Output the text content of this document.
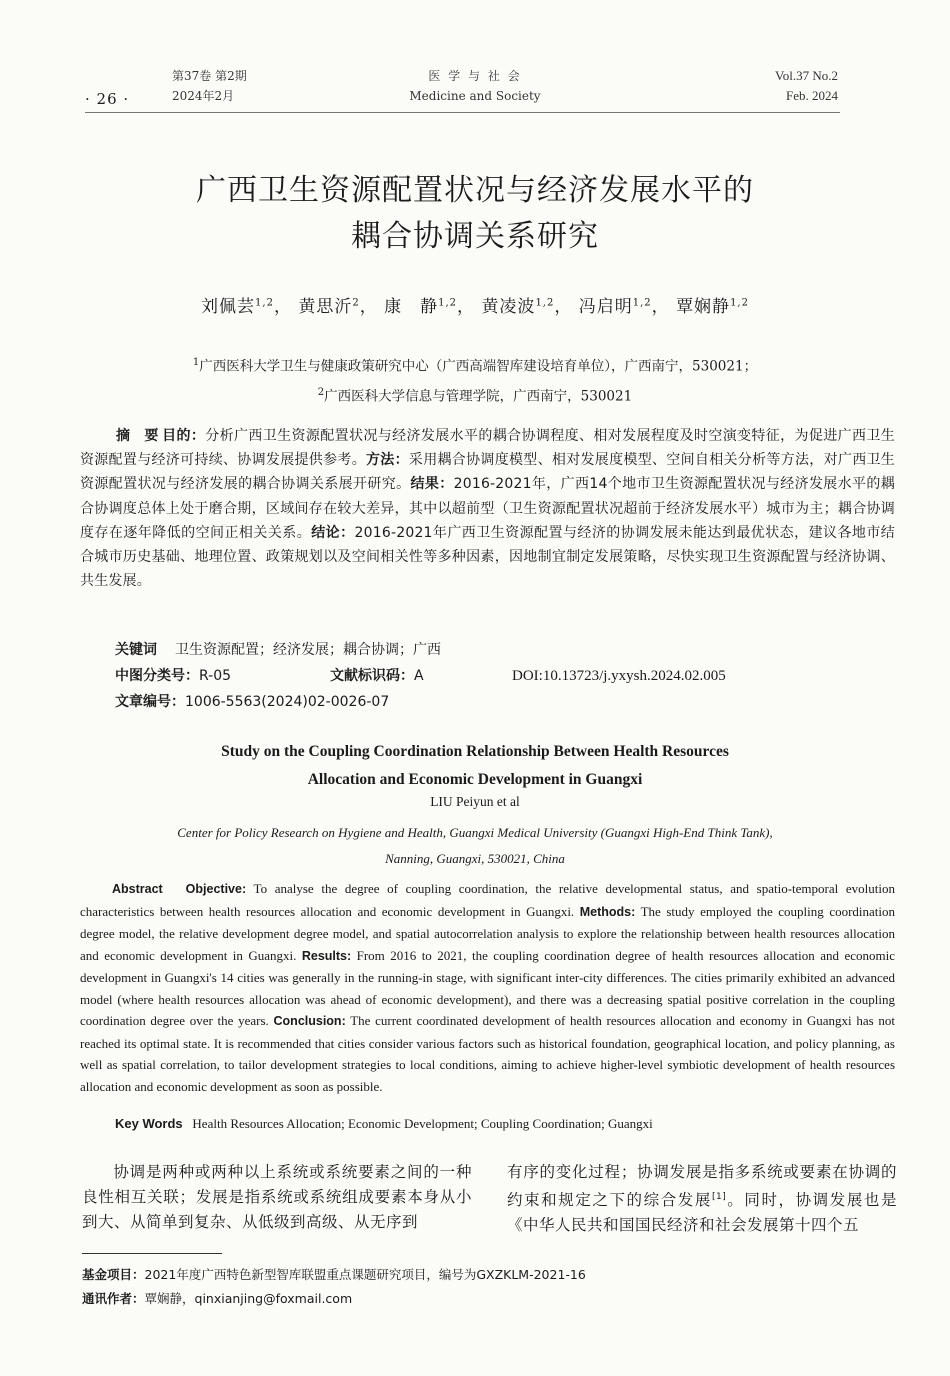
第37卷 第2期
2024年2月
· 26 ·
医 学 与 社 会
Medicine and Society
Vol.37 No.2
Feb. 2024
广西卫生资源配置状况与经济发展水平的
耦合协调关系研究
刘佩芸$^{1,2}$， 黄思沂$^2$， 康　静$^{1,2}$， 黄凌波$^{1,2}$， 冯启明$^{1,2}$， 覃娴静$^{1,2}$
$^1$广西医科大学卫生与健康政策研究中心（广西高端智库建设培育单位），广西南宁，530021；
$^2$广西医科大学信息与管理学院，广西南宁，530021
摘　要 目的：分析广西卫生资源配置状况与经济发展水平的耦合协调程度、相对发展程度及时空演变特征，为促进广西卫生资源配置与经济可持续、协调发展提供参考。方法：采用耦合协调度模型、相对发展度模型、空间自相关分析等方法，对广西卫生资源配置状况与经济发展的耦合协调关系展开研究。结果：2016-2021年，广西14个地市卫生资源配置状况与经济发展水平的耦合协调度总体上处于磨合期，区域间存在较大差异，其中以超前型（卫生资源配置状况超前于经济发展水平）城市为主；耦合协调度存在逐年降低的空间正相关关系。结论：2016-2021年广西卫生资源配置与经济的协调发展未能达到最优状态，建议各地市结合城市历史基础、地理位置、政策规划以及空间相关性等多种因素，因地制宜制定发展策略，尽快实现卫生资源配置与经济协调、共生发展。
关键词 卫生资源配置；经济发展；耦合协调；广西
中图分类号：R-05	文献标识码：A	DOI:10.13723/j.yxysh.2024.02.005
文章编号：1006-5563(2024)02-0026-07
Study on the Coupling Coordination Relationship Between Health Resources
Allocation and Economic Development in Guangxi
LIU Peiyun et al
Center for Policy Research on Hygiene and Health, Guangxi Medical University (Guangxi High-End Think Tank),
Nanning, Guangxi, 530021, China
Abstract Objective: To analyse the degree of coupling coordination, the relative developmental status, and spatio-temporal evolution characteristics between health resources allocation and economic development in Guangxi. Methods: The study employed the coupling coordination degree model, the relative development degree model, and spatial autocorrelation analysis to explore the relationship between health resources allocation and economic development in Guangxi. Results: From 2016 to 2021, the coupling coordination degree of health resources allocation and economic development in Guangxi's 14 cities was generally in the running-in stage, with significant inter-city differences. The cities primarily exhibited an advanced model (where health resources allocation was ahead of economic development), and there was a decreasing spatial positive correlation in the coupling coordination degree over the years. Conclusion: The current coordinated development of health resources allocation and economy in Guangxi has not reached its optimal state. It is recommended that cities consider various factors such as historical foundation, geographical location, and policy planning, as well as spatial correlation, to tailor development strategies to local conditions, aiming to achieve higher-level symbiotic development of health resources allocation and economic development as soon as possible.
Key Words Health Resources Allocation; Economic Development; Coupling Coordination; Guangxi
协调是两种或两种以上系统或系统要素之间的一种良性相互关联；发展是指系统或系统组成要素本身从小到大、从简单到复杂、从低级到高级、从无序到
有序的变化过程；协调发展是指多系统或要素在协调的约束和规定之下的综合发展[1]。同时，协调发展也是《中华人民共和国国民经济和社会发展第十四个五
基金项目：2021年度广西特色新型智库联盟重点课题研究项目，编号为GXZKLM-2021-16
通讯作者：覃娴静，qinxianjing@foxmail.com
